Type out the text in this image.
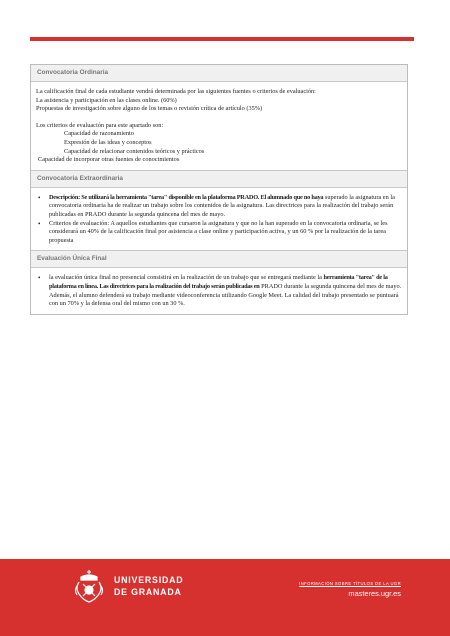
Convocatoria Ordinaria

La calificación final de cada estudiante vendrá determinada por las siguientes fuentes o criterios de evaluación:

La asistencia y participación en las clases online. (60%)

Propuestas de investigación sobre alguno de los temas o revisión crítica de artículo (35%)

Los criterios de evaluación para este apartado son:

Capacidad de razonamiento

Expresión de las ideas y conceptos

Capacidad de relacionar contenidos teóricos y prácticos

Capacidad de incorporar otras fuentes de conocimientos

Convocatoria Extraordinaria
• Descripción: Se utilizará la herramienta "tarea" disponible en la plataforma PRADO. El alumnado que no haya superado la asignatura en la convocatoria ordinaria ha de realizar un trabajo sobre los contenidos de la asignatura. Las directrices para la realización del trabajo serán publicadas en PRADO durante la segunda quincena del mes de mayo.
• Criterios de evaluación: A aquellos estudiantes que cursaron la asignatura y que no la han superado en la convocatoria ordinaria, se les considerará un 40% de la calificación final por asistencia a clase online y participación activa, y un 60 % por la realización de la tarea propuesta
Evaluación Única Final
• la evaluación única final no presencial consistirá en la realización de un trabajo que se entregará mediante la herramienta "tarea" de la plataforma en línea. Las directrices para la realización del trabajo serán publicadas en PRADO durante la segunda quincena del mes de mayo. Además, el alumno defenderá su trabajo mediante videoconferencia utilizando Google Meet. La calidad del trabajo presentado se puntuará con un 70% y la defensa oral del mismo con un 30 %.
UNIVERSIDAD
DE GRANADA
INFORMACIÓN SOBRE TÍTULOS DE LA UGR
masteres.ugr.es
